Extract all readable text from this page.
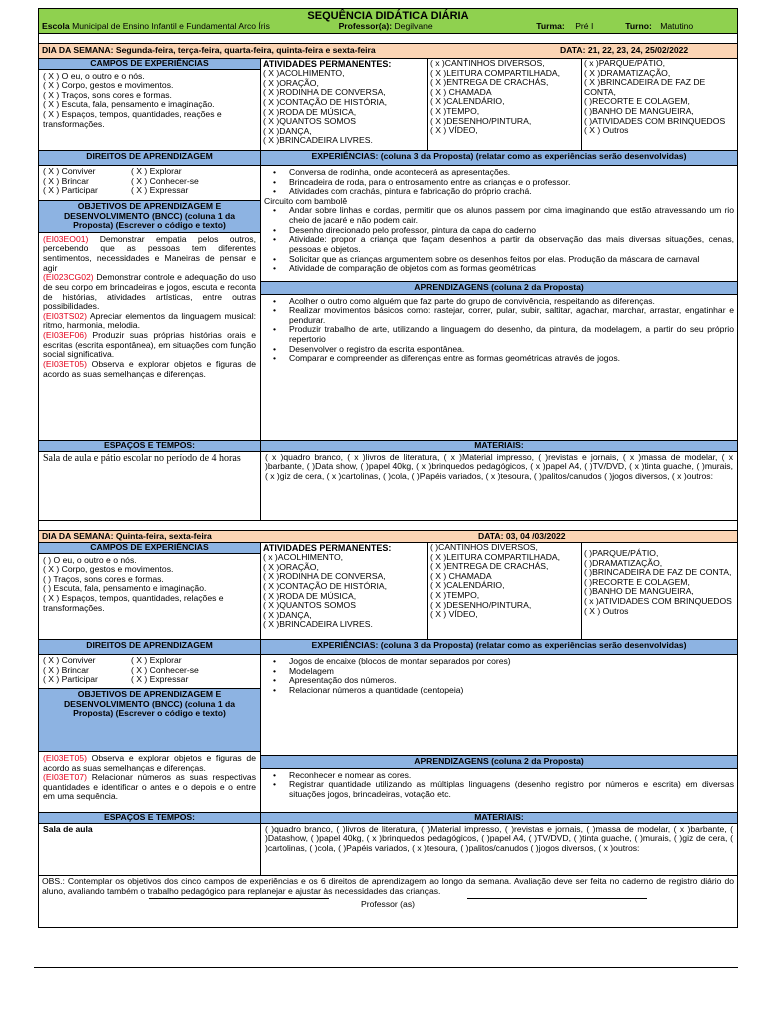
SEQUÊNCIA DIDÁTICA DIÁRIA
Escola Municipal de Ensino Infantil e Fundamental Arco Íris	Professor(a): Degilvane	Turma: Pré I	Turno: Matutino
DIA DA SEMANA: Segunda-feira, terça-feira, quarta-feira, quinta-feira e sexta-feira	DATA: 21, 22, 23, 24, 25/02/2022
CAMPOS DE EXPERIÊNCIAS
( X ) O eu, o outro e o nós.
( X ) Corpo, gestos e movimentos.
( X ) Traços, sons cores e formas.
( X ) Escuta, fala, pensamento e imaginação.
( X ) Espaços, tempos, quantidades, reações e transformações.
ATIVIDADES PERMANENTES:
( X )ACOLHIMENTO,
( X )ORAÇÃO,
( X )RODINHA DE CONVERSA,
( X )CONTAÇÃO DE HISTÓRIA,
( X )RODA DE MÚSICA,
( X )QUANTOS SOMOS
( X )DANÇA,
( X )BRINCADEIRA LIVRES.
( x )CANTINHOS DIVERSOS,
( X )LEITURA COMPARTILHADA,
( X )ENTREGA DE CRACHÁS,
( X ) CHAMADA
( X )CALENDÁRIO,
( X )TEMPO,
( X )DESENHO/PINTURA,
( X ) VÍDEO,
( x )PARQUE/PÁTIO,
( X )DRAMATIZAÇÃO,
( X )BRINCADEIRA DE FAZ DE CONTA,
( )RECORTE E COLAGEM,
( )BANHO DE MANGUEIRA,
( )ATIVIDADES COM BRINQUEDOS
( X ) Outros
DIREITOS DE APRENDIZAGEM
( X ) Conviver	( X ) Explorar
( X ) Brincar	( X ) Conhecer-se
( X ) Participar	( X ) Expressar
OBJETIVOS DE APRENDIZAGEM E DESENVOLVIMENTO (BNCC) (coluna 1 da Proposta) (Escrever o código e texto)
(EI03EO01) Demonstrar empatia pelos outros, percebendo que as pessoas tem diferentes sentimentos, necessidades e Maneiras de pensar e agir
(EI023CG02) Demonstrar controle e adequação do uso de seu corpo em brincadeiras e jogos, escuta e reconta de histórias, atividades artísticas, entre outras possibilidades.
(EI03TS02) Apreciar elementos da linguagem musical: ritmo, harmonia, melodia.
(EI03EF06) Produzir suas próprias histórias orais e escritas (escrita espontânea), em situações com função social significativa.
(EI03ET05) Observa e explorar objetos e figuras de acordo as suas semelhanças e diferenças.
EXPERIÊNCIAS: (coluna 3 da Proposta) (relatar como as experiências serão desenvolvidas)
• Conversa de rodinha, onde acontecerá as apresentações.
• Brincadeira de roda, para o entrosamento entre as crianças e o professor.
• Atividades com crachás, pintura e fabricação do próprio crachá.
Circuito com bambolê
• Andar sobre linhas e cordas, permitir que os alunos passem por cima imaginando que estão atravessando um rio cheio de jacaré e não podem cair.
• Desenho direcionado pelo professor, pintura da capa do caderno
• Atividade: propor a criança que façam desenhos a partir da observação das mais diversas situações, cenas, pessoas e objetos.
• Solicitar que as crianças argumentem sobre os desenhos feitos por elas. Produção da máscara de carnaval
• Atividade de comparação de objetos com as formas geométricas
APRENDIZAGENS (coluna 2 da Proposta)
• Acolher o outro como alguém que faz parte do grupo de convivência, respeitando as diferenças.
• Realizar movimentos básicos como: rastejar, correr, pular, subir, saltitar, agachar, marchar, arrastar, engatinhar e pendurar.
• Produzir trabalho de arte, utilizando a linguagem do desenho, da pintura, da modelagem, a partir do seu próprio repertorio
• Desenvolver o registro da escrita espontânea.
• Comparar e compreender as diferenças entre as formas geométricas através de jogos.
ESPAÇOS E TEMPOS:
Sala de aula e pátio escolar no período de 4 horas
MATERIAIS:
( x )quadro branco, ( x )livros de literatura, ( x )Material impresso, ( )revistas e jornais, ( x )massa de modelar, ( x )barbante, ( )Data show, ( )papel 40kg, ( x )brinquedos pedagógicos, ( x )papel A4, ( )TV/DVD, ( x )tinta guache, ( )murais, ( x )giz de cera, ( x )cartolinas, ( )cola, ( )Papéis variados, ( x )tesoura, ( )palitos/canudos ( )jogos diversos, ( x )outros:
DIA DA SEMANA: Quinta-feira, sexta-feira	DATA: 03, 04 /03/2022
CAMPOS DE EXPERIÊNCIAS
( ) O eu, o outro e o nós.
( X ) Corpo, gestos e movimentos.
( ) Traços, sons cores e formas.
( ) Escuta, fala, pensamento e imaginação.
( X ) Espaços, tempos, quantidades, relações e transformações.
ATIVIDADES PERMANENTES:
( x )ACOLHIMENTO,
( X )ORAÇÃO,
( X )RODINHA DE CONVERSA,
( X )CONTAÇÃO DE HISTÓRIA,
( X )RODA DE MÚSICA,
( X )QUANTOS SOMOS
( X )DANÇA,
( X )BRINCADEIRA LIVRES.
( )CANTINHOS DIVERSOS,
( X )LEITURA COMPARTILHADA,
( X )ENTREGA DE CRACHÁS,
( X ) CHAMADA
( X )CALENDÁRIO,
( X )TEMPO,
( X )DESENHO/PINTURA,
( X ) VÍDEO,
( )PARQUE/PÁTIO,
( )DRAMATIZAÇÃO,
( )BRINCADEIRA DE FAZ DE CONTA,
( )RECORTE E COLAGEM,
( )BANHO DE MANGUEIRA,
( x )ATIVIDADES COM BRINQUEDOS
( X ) Outros
DIREITOS DE APRENDIZAGEM
( X ) Conviver	( X ) Explorar
( X ) Brincar	( X ) Conhecer-se
( X ) Participar	( X ) Expressar
OBJETIVOS DE APRENDIZAGEM E DESENVOLVIMENTO (BNCC) (coluna 1 da Proposta) (Escrever o código e texto)
(EI03ET05) Observa e explorar objetos e figuras de acordo as suas semelhanças e diferenças.
(EI03ET07) Relacionar números as suas respectivas quantidades e identificar o antes e o depois e o entre em uma sequência.
EXPERIÊNCIAS: (coluna 3 da Proposta) (relatar como as experiências serão desenvolvidas)
• Jogos de encaixe (blocos de montar separados por cores)
• Modelagem
• Apresentação dos números.
• Relacionar números a quantidade (centopeia)
APRENDIZAGENS (coluna 2 da Proposta)
• Reconhecer e nomear as cores.
• Registrar quantidade utilizando as múltiplas linguagens (desenho registro por números e escrita) em diversas situações jogos, brincadeiras, votação etc.
ESPAÇOS E TEMPOS:
Sala de aula
MATERIAIS:
( )quadro branco, ( )livros de literatura, ( )Material impresso, ( )revistas e jornais, ( )massa de modelar, ( x )barbante, ( )Datashow, ( )papel 40kg, ( x )brinquedos pedagógicos, ( )papel A4, ( )TV/DVD, ( )tinta guache, ( )murais, ( )giz de cera, ( )cartolinas, ( )cola, ( )Papéis variados, ( x )tesoura, ( )palitos/canudos ( )jogos diversos, ( x )outros:
OBS.: Contemplar os objetivos dos cinco campos de experiências e os 6 direitos de aprendizagem ao longo da semana. Avaliação deve ser feita no caderno de registro diário do aluno, avaliando também o trabalho pedagógico para replanejar e ajustar às necessidades das crianças.
Professor (as)
